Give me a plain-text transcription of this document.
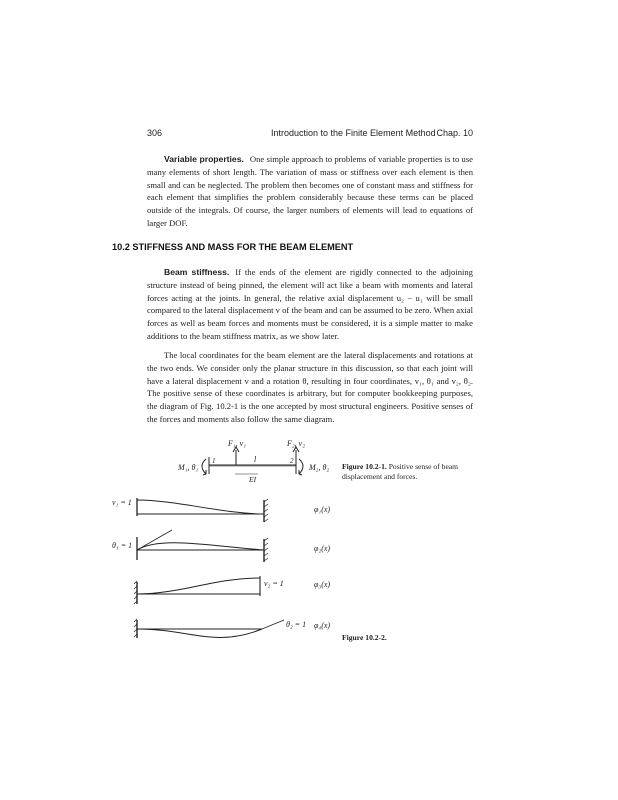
306	Introduction to the Finite Element Method Chap. 10
Variable properties. One simple approach to problems of variable properties is to use many elements of short length. The variation of mass or stiffness over each element is then small and can be neglected. The problem then becomes one of constant mass and stiffness for each element that simplifies the problem considerably because these terms can be placed outside of the integrals. Of course, the larger numbers of elements will lead to equations of larger DOF.
10.2 STIFFNESS AND MASS FOR THE BEAM ELEMENT
Beam stiffness. If the ends of the element are rigidly connected to the adjoining structure instead of being pinned, the element will act like a beam with moments and lateral forces acting at the joints. In general, the relative axial displacement u₂ − u₁ will be small compared to the lateral displacement v of the beam and can be assumed to be zero. When axial forces as well as beam forces and moments must be considered, it is a simple matter to make additions to the beam stiffness matrix, as we show later.
The local coordinates for the beam element are the lateral displacements and rotations at the two ends. We consider only the planar structure in this discussion, so that each joint will have a lateral displacement v and a rotation θ, resulting in four coordinates, v₁, θ₁ and v₂, θ₂. The positive sense of these coordinates is arbitrary, but for computer bookkeeping purposes, the diagram of Fig. 10.2-1 is the one accepted by most structural engineers. Positive senses of the forces and moments also follow the same diagram.
F₁, v₁	F₂, v₂
M₁, θ₁	M₂, θ₂
1	2
l
EI
v₁ = 1
φ₁(x)
θ₁ = 1	φ₂(x)
v₂ = 1	φ₃(x)
θ₂ = 1 φ₄(x)
Figure 10.2-1. Positive sense of beam displacement and forces.
Figure 10.2-2.
